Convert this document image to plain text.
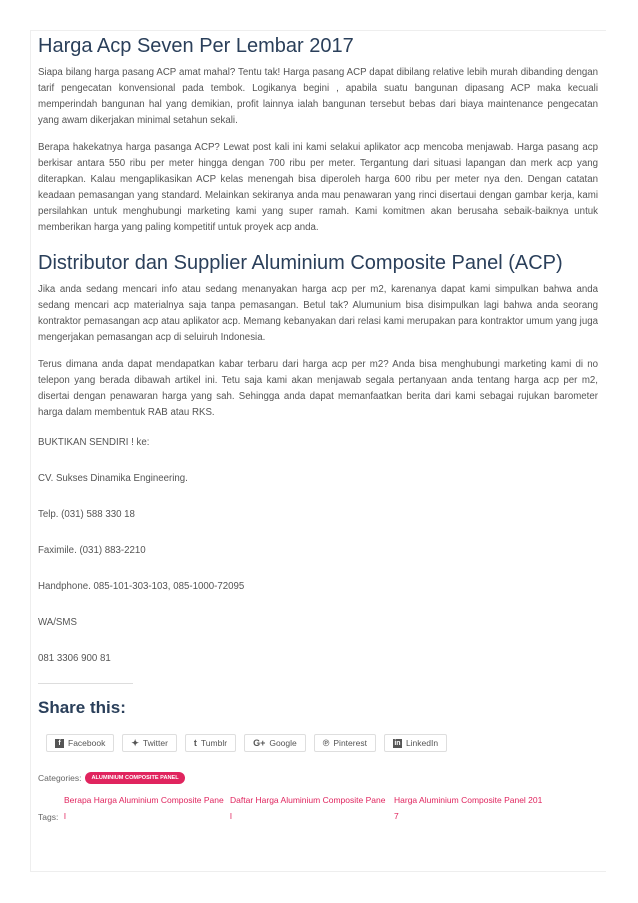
Harga Acp Seven Per Lembar 2017

Siapa bilang harga pasang ACP amat mahal? Tentu tak! Harga pasang ACP dapat dibilang relative lebih murah dibanding dengan tarif pengecatan konvensional pada tembok. Logikanya begini , apabila suatu bangunan dipasang ACP maka kecuali memperindah bangunan hal yang demikian, profit lainnya ialah bangunan tersebut bebas dari biaya maintenance pengecatan yang awam dikerjakan minimal setahun sekali.

Berapa hakekatnya harga pasanga ACP? Lewat post kali ini kami selakui aplikator acp mencoba menjawab. Harga pasang acp berkisar antara 550 ribu per meter hingga dengan 700 ribu per meter. Tergantung dari situasi lapangan dan merk acp yang diterapkan. Kalau mengaplikasikan ACP kelas menengah bisa diperoleh harga 600 ribu per meter nya den. Dengan catatan keadaan pemasangan yang standard. Melainkan sekiranya anda mau penawaran yang rinci disertaui dengan gambar kerja, kami persilahkan untuk menghubungi marketing kami yang super ramah. Kami komitmen akan berusaha sebaik-baiknya untuk memberikan harga yang paling kompetitif untuk proyek acp anda.

Distributor dan Supplier Aluminium Composite Panel (ACP)

Jika anda sedang mencari info atau sedang menanyakan harga acp per m2, karenanya dapat kami simpulkan bahwa anda sedang mencari acp materialnya saja tanpa pemasangan. Betul tak? Alumunium bisa disimpulkan lagi bahwa anda seorang kontraktor pemasangan acp atau aplikator acp. Memang kebanyakan dari relasi kami merupakan para kontraktor umum yang juga mengerjakan pemasangan acp di seluiruh Indonesia.

Terus dimana anda dapat mendapatkan kabar terbaru dari harga acp per m2? Anda bisa menghubungi marketing kami di no telepon yang berada dibawah artikel ini. Tetu saja kami akan menjawab segala pertanyaan anda tentang harga acp per m2, disertai dengan penawaran harga yang sah. Sehingga anda dapat memanfaatkan berita dari kami sebagai rujukan barometer harga dalam membentuk RAB atau RKS.

BUKTIKAN SENDIRI ! ke:

CV. Sukses Dinamika Engineering.

Telp. (031) 588 330 18

Faximile. (031) 883-2210

Handphone. 085-101-303-103, 085-1000-72095

WA/SMS

081 3306 900 81

Share this:
f Facebook	✦ Twitter	t Tumblr	G+ Google	℗ Pinterest	in LinkedIn
Categories:	ALUMINIUM COMPOSITE PANEL
Tags:
Berapa Harga Aluminium Composite Pane
l
Daftar Harga Aluminium Composite Pane
l
Harga Aluminium Composite Panel 201
7
